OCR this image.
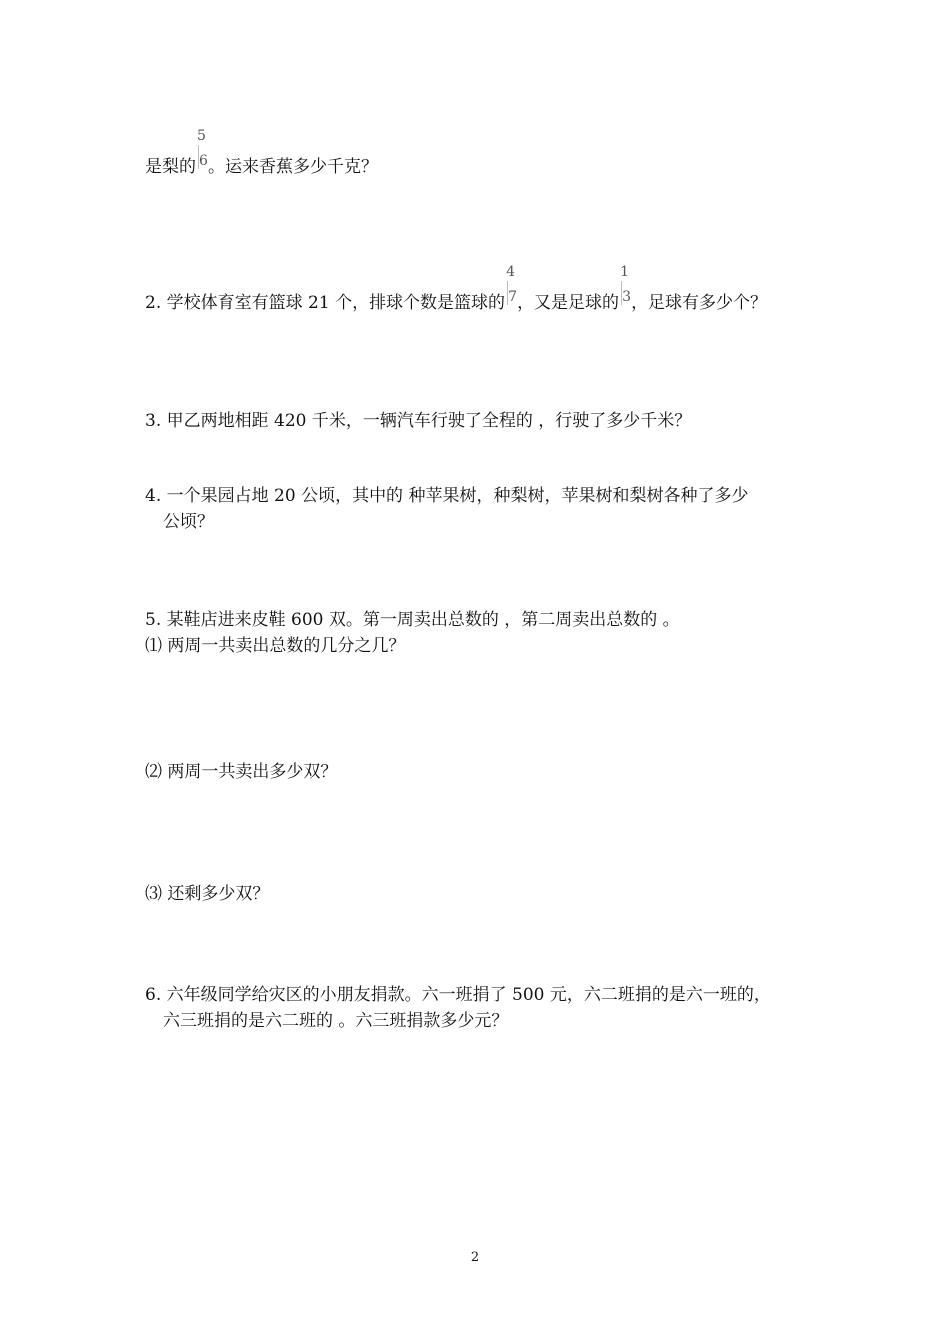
是梨的
5
6 。运来香蕉多少千克？
2. 学校体育室有篮球 21 个，排球个数是篮球的
4
7 ，又是足球的
1
3 ，足球有多少个？
3. 甲乙两地相距 420 千米，一辆汽车行驶了全程的 ，行驶了多少千米？
4. 一个果园占地 20 公顷，其中的 种苹果树，种梨树，苹果树和梨树各种了多少
公顷？
5. 某鞋店进来皮鞋 600 双。第一周卖出总数的 ，第二周卖出总数的 。
⑴ 两周一共卖出总数的几分之几？
⑵ 两周一共卖出多少双？
⑶ 还剩多少双？
6. 六年级同学给灾区的小朋友捐款。六一班捐了 500 元，六二班捐的是六一班的，
六三班捐的是六二班的 。六三班捐款多少元？
2
